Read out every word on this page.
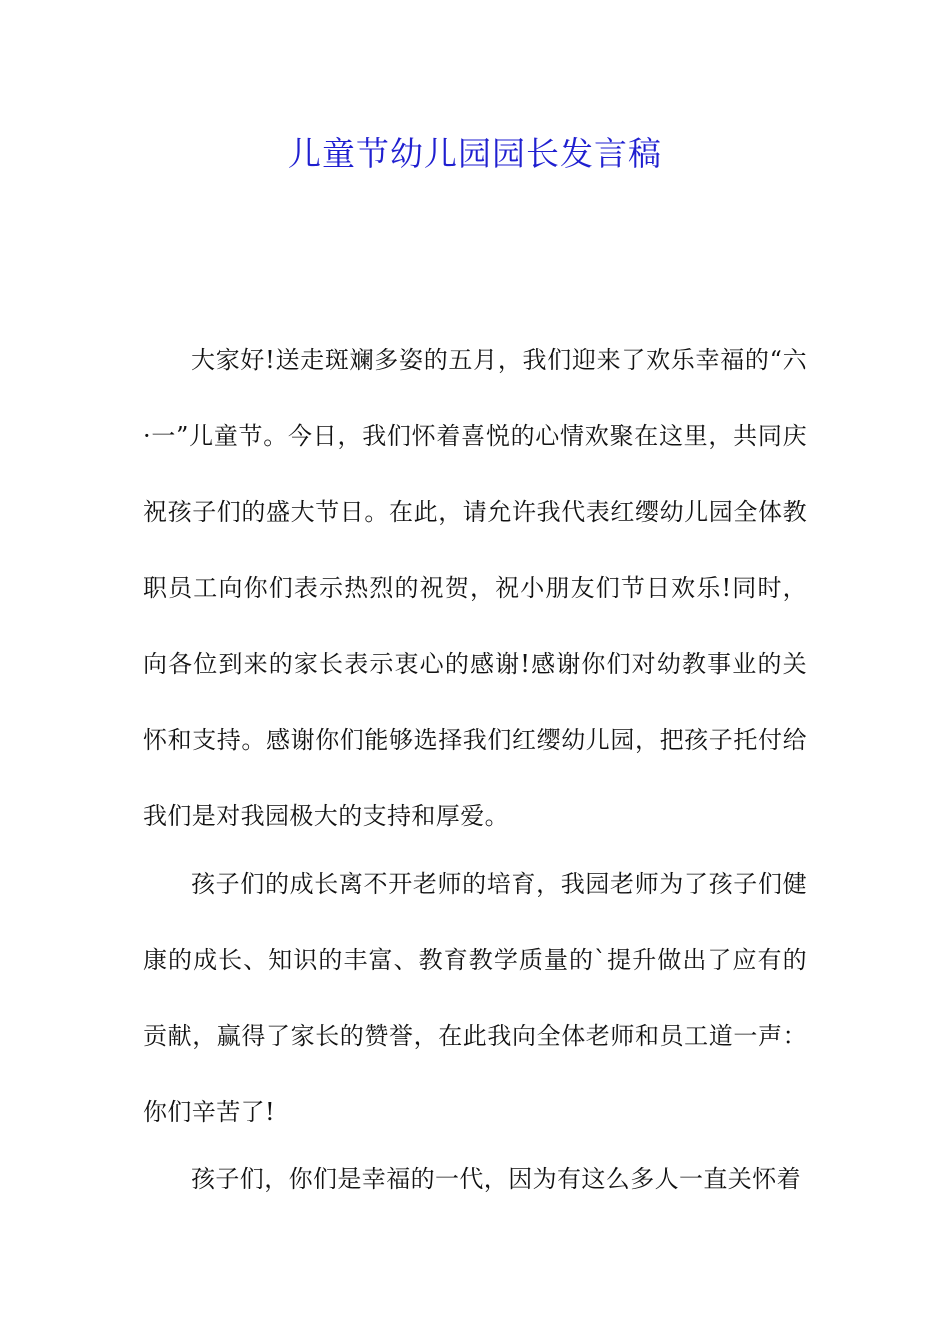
儿童节幼儿园园长发言稿

大家好!送走斑斓多姿的五月，我们迎来了欢乐幸福的“六·一”儿童节。今日，我们怀着喜悦的心情欢聚在这里，共同庆祝孩子们的盛大节日。在此，请允许我代表红缨幼儿园全体教职员工向你们表示热烈的祝贺，祝小朋友们节日欢乐!同时，向各位到来的家长表示衷心的感谢!感谢你们对幼教事业的关怀和支持。感谢你们能够选择我们红缨幼儿园，把孩子托付给我们是对我园极大的支持和厚爱。

孩子们的成长离不开老师的培育，我园老师为了孩子们健康的成长、知识的丰富、教育教学质量的`提升做出了应有的贡献，赢得了家长的赞誉，在此我向全体老师和员工道一声：你们辛苦了!

孩子们，你们是幸福的一代，因为有这么多人一直关怀着
